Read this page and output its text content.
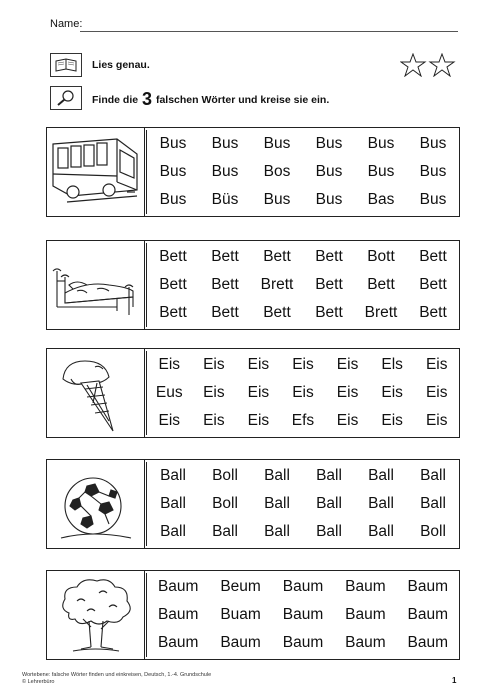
Name:
Lies genau.
Finde die 3 falschen Wörter und kreise sie ein.
Bus	Bus	Bus	Bus	Bus	Bus
Bus	Bus	Bos	Bus	Bus	Bus
Bus	Büs	Bus	Bus	Bas	Bus
Bett	Bett	Bett	Bett	Bott	Bett
Bett	Bett	Brett	Bett	Bett	Bett
Bett	Bett	Bett	Bett	Brett	Bett
Eis	Eis	Eis	Eis	Eis	Els	Eis
Eus	Eis	Eis	Eis	Eis	Eis	Eis
Eis	Eis	Eis	Efs	Eis	Eis	Eis
Ball	Boll	Ball	Ball	Ball	Ball
Ball	Boll	Ball	Ball	Ball	Ball
Ball	Ball	Ball	Ball	Ball	Boll
Baum	Beum	Baum	Baum	Baum
Baum	Buam	Baum	Baum	Baum
Baum	Baum	Baum	Baum	Baum
Wortebene: falsche Wörter finden und einkreisen, Deutsch, 1.-4. Grundschule
© Lehrerbüro	1
